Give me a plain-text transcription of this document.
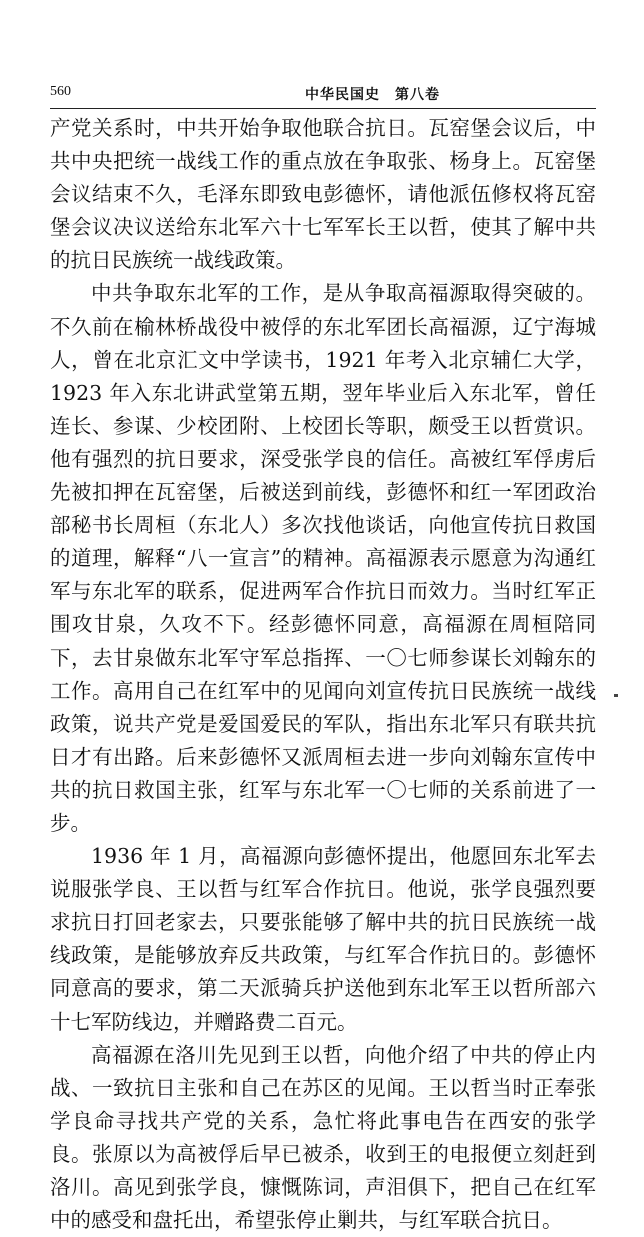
560	中华民国史　第八卷

产党关系时，中共开始争取他联合抗日。瓦窑堡会议后，中共中央把统一战线工作的重点放在争取张、杨身上。瓦窑堡会议结束不久，毛泽东即致电彭德怀，请他派伍修权将瓦窑堡会议决议送给东北军六十七军军长王以哲，使其了解中共的抗日民族统一战线政策。

中共争取东北军的工作，是从争取高福源取得突破的。不久前在榆林桥战役中被俘的东北军团长高福源，辽宁海城人，曾在北京汇文中学读书，1921 年考入北京辅仁大学，1923 年入东北讲武堂第五期，翌年毕业后入东北军，曾任连长、参谋、少校团附、上校团长等职，颇受王以哲赏识。他有强烈的抗日要求，深受张学良的信任。高被红军俘虏后先被扣押在瓦窑堡，后被送到前线，彭德怀和红一军团政治部秘书长周桓（东北人）多次找他谈话，向他宣传抗日救国的道理，解释“八一宣言”的精神。高福源表示愿意为沟通红军与东北军的联系，促进两军合作抗日而效力。当时红军正围攻甘泉，久攻不下。经彭德怀同意，高福源在周桓陪同下，去甘泉做东北军守军总指挥、一〇七师参谋长刘翰东的工作。高用自己在红军中的见闻向刘宣传抗日民族统一战线政策，说共产党是爱国爱民的军队，指出东北军只有联共抗日才有出路。后来彭德怀又派周桓去进一步向刘翰东宣传中共的抗日救国主张，红军与东北军一〇七师的关系前进了一步。

1936 年 1 月，高福源向彭德怀提出，他愿回东北军去说服张学良、王以哲与红军合作抗日。他说，张学良强烈要求抗日打回老家去，只要张能够了解中共的抗日民族统一战线政策，是能够放弃反共政策，与红军合作抗日的。彭德怀同意高的要求，第二天派骑兵护送他到东北军王以哲所部六十七军防线边，并赠路费二百元。

高福源在洛川先见到王以哲，向他介绍了中共的停止内战、一致抗日主张和自己在苏区的见闻。王以哲当时正奉张学良命寻找共产党的关系，急忙将此事电告在西安的张学良。张原以为高被俘后早已被杀，收到王的电报便立刻赶到洛川。高见到张学良，慷慨陈词，声泪俱下，把自己在红军中的感受和盘托出，希望张停止剿共，与红军联合抗日。
